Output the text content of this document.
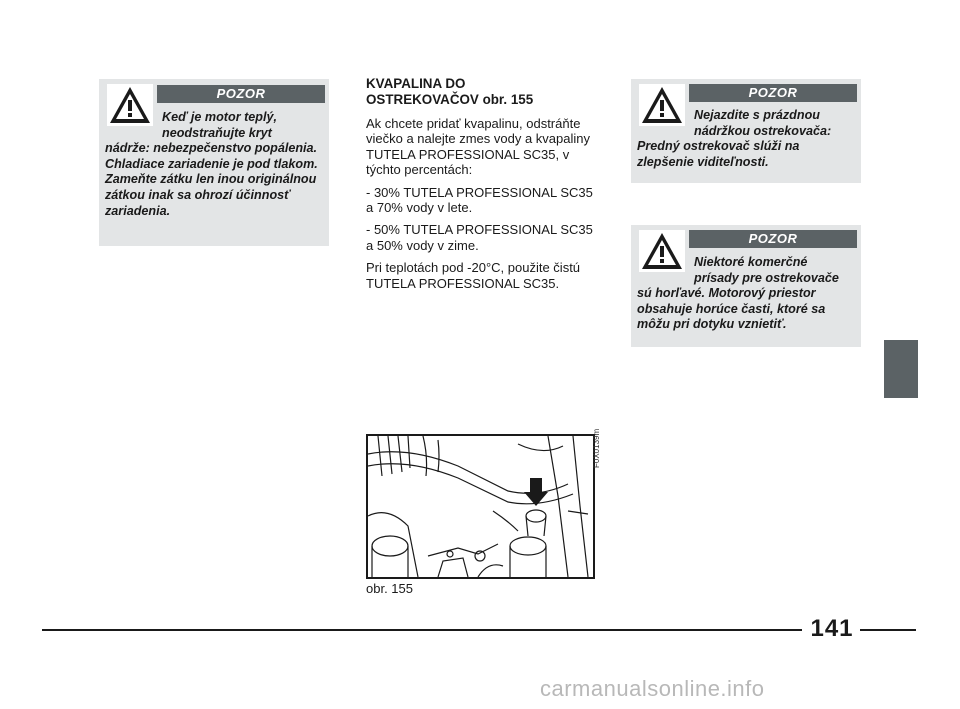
POZOR

Keď je motor teplý,
neodstraňujte kryt
nádrže: nebezpečenstvo popálenia. Chladiace zariadenie je pod tlakom. Zameňte zátku len inou originálnou zátkou inak sa ohrozí účinnosť zariadenia.

KVAPALINA DO
OSTREKOVAČOV obr. 155

Ak chcete pridať kvapalinu, odstráňte viečko a nalejte zmes vody a kvapaliny TUTELA PROFESSIONAL SC35, v týchto percentách:

- 30% TUTELA PROFESSIONAL SC35 a 70% vody v lete.

- 50% TUTELA PROFESSIONAL SC35 a 50% vody v zime.

Pri teplotách pod -20°C, použite čistú TUTELA PROFESSIONAL SC35.

POZOR

Nejazdite s prázdnou
nádržkou ostrekovača:
Predný ostrekovač slúži na zlepšenie viditeľnosti.

POZOR

Niektoré komerčné
prísady pre ostrekovače
sú horľavé. Motorový priestor obsahuje horúce časti, ktoré sa môžu pri dotyku vznietiť.

F0X0139m
obr. 155
141
carmanualsonline.info
